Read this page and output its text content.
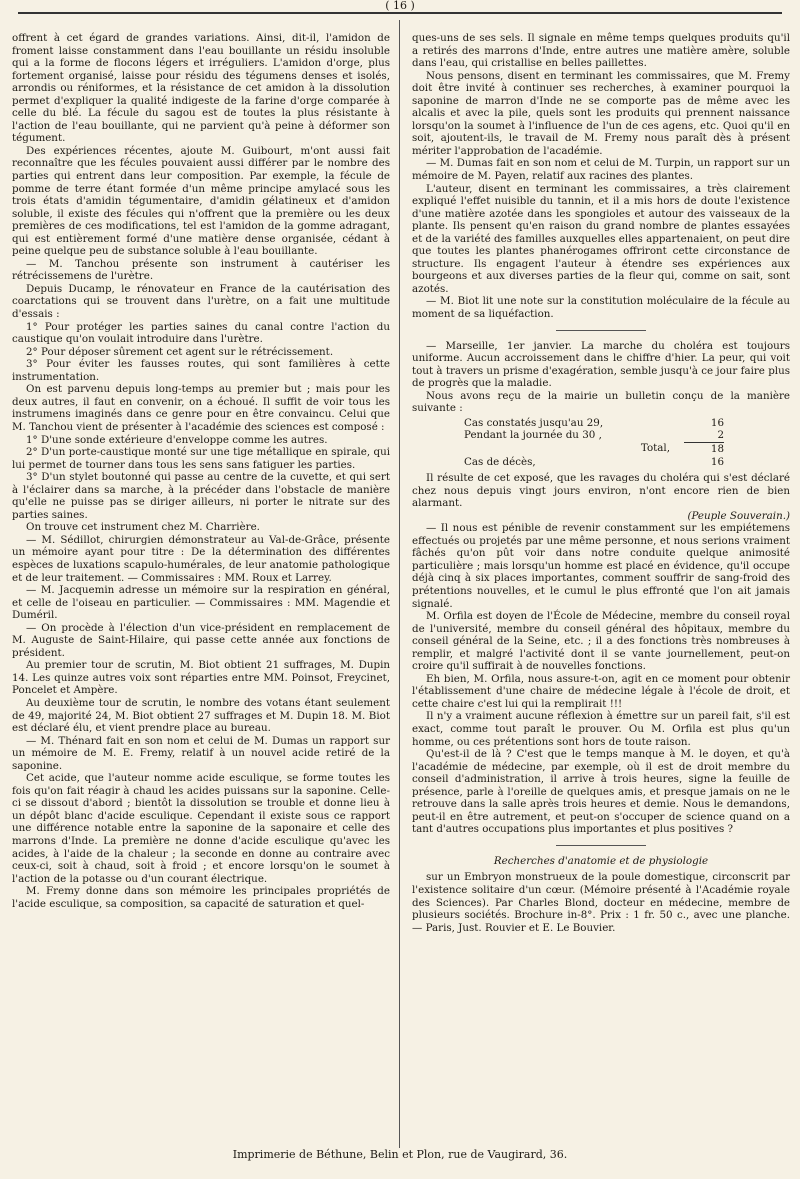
( 16 )

offrent à cet égard de grandes variations. Ainsi, dit-il, l'amidon de froment laisse constamment dans l'eau bouillante un résidu insoluble qui a la forme de flocons légers et irréguliers. L'amidon d'orge, plus fortement organisé, laisse pour résidu des tégumens denses et isolés, arrondis ou réniformes, et la résistance de cet amidon à la dissolution permet d'expliquer la qualité indigeste de la farine d'orge comparée à celle du blé. La fécule du sagou est de toutes la plus résistante à l'action de l'eau bouillante, qui ne parvient qu'à peine à déformer son tégument.

Des expériences récentes, ajoute M. Guibourt, m'ont aussi fait reconnaître que les fécules pouvaient aussi différer par le nombre des parties qui entrent dans leur composition. Par exemple, la fécule de pomme de terre étant formée d'un même principe amylacé sous les trois états d'amidin tégumentaire, d'amidin gélatineux et d'amidon soluble, il existe des fécules qui n'offrent que la première ou les deux premières de ces modifications, tel est l'amidon de la gomme adragant, qui est entièrement formé d'une matière dense organisée, cédant à peine quelque peu de substance soluble à l'eau bouillante.

— M. Tanchou présente son instrument à cautériser les rétrécissemens de l'urètre.

Depuis Ducamp, le rénovateur en France de la cautérisation des coarctations qui se trouvent dans l'urètre, on a fait une multitude d'essais :

1° Pour protéger les parties saines du canal contre l'action du caustique qu'on voulait introduire dans l'urètre.

2° Pour déposer sûrement cet agent sur le rétrécissement.

3° Pour éviter les fausses routes, qui sont familières à cette instrumentation.

On est parvenu depuis long-temps au premier but ; mais pour les deux autres, il faut en convenir, on a échoué. Il suffit de voir tous les instrumens imaginés dans ce genre pour en être convaincu. Celui que M. Tanchou vient de présenter à l'académie des sciences est composé :

1° D'une sonde extérieure d'enveloppe comme les autres.

2° D'un porte-caustique monté sur une tige métallique en spirale, qui lui permet de tourner dans tous les sens sans fatiguer les parties.

3° D'un stylet boutonné qui passe au centre de la cuvette, et qui sert à l'éclairer dans sa marche, à la précéder dans l'obstacle de manière qu'elle ne puisse pas se diriger ailleurs, ni porter le nitrate sur des parties saines.

On trouve cet instrument chez M. Charrière.

— M. Sédillot, chirurgien démonstrateur au Val-de-Grâce, présente un mémoire ayant pour titre : De la détermination des différentes espèces de luxations scapulo-humérales, de leur anatomie pathologique et de leur traitement. — Commissaires : MM. Roux et Larrey.

— M. Jacquemin adresse un mémoire sur la respiration en général, et celle de l'oiseau en particulier. — Commissaires : MM. Magendie et Duméril.

— On procède à l'élection d'un vice-président en remplacement de M. Auguste de Saint-Hilaire, qui passe cette année aux fonctions de président.

Au premier tour de scrutin, M. Biot obtient 21 suffrages, M. Dupin 14. Les quinze autres voix sont réparties entre MM. Poinsot, Freycinet, Poncelet et Ampère.

Au deuxième tour de scrutin, le nombre des votans étant seulement de 49, majorité 24, M. Biot obtient 27 suffrages et M. Dupin 18. M. Biot est déclaré élu, et vient prendre place au bureau.

— M. Thénard fait en son nom et celui de M. Dumas un rapport sur un mémoire de M. E. Fremy, relatif à un nouvel acide retiré de la saponine.

Cet acide, que l'auteur nomme acide esculique, se forme toutes les fois qu'on fait réagir à chaud les acides puissans sur la saponine. Celle-ci se dissout d'abord ; bientôt la dissolution se trouble et donne lieu à un dépôt blanc d'acide esculique. Cependant il existe sous ce rapport une différence notable entre la saponine de la saponaire et celle des marrons d'Inde. La première ne donne d'acide esculique qu'avec les acides, à l'aide de la chaleur ; la seconde en donne au contraire avec ceux-ci, soit à chaud, soit à froid ; et encore lorsqu'on le soumet à l'action de la potasse ou d'un courant électrique.

M. Fremy donne dans son mémoire les principales propriétés de l'acide esculique, sa composition, sa capacité de saturation et quel-

ques-uns de ses sels. Il signale en même temps quelques produits qu'il a retirés des marrons d'Inde, entre autres une matière amère, soluble dans l'eau, qui cristallise en belles paillettes.

Nous pensons, disent en terminant les commissaires, que M. Fremy doit être invité à continuer ses recherches, à examiner pourquoi la saponine de marron d'Inde ne se comporte pas de même avec les alcalis et avec la pile, quels sont les produits qui prennent naissance lorsqu'on la soumet à l'influence de l'un de ces agens, etc. Quoi qu'il en soit, ajoutent-ils, le travail de M. Fremy nous paraît dès à présent mériter l'approbation de l'académie.

— M. Dumas fait en son nom et celui de M. Turpin, un rapport sur un mémoire de M. Payen, relatif aux racines des plantes.

L'auteur, disent en terminant les commissaires, a très clairement expliqué l'effet nuisible du tannin, et il a mis hors de doute l'existence d'une matière azotée dans les spongioles et autour des vaisseaux de la plante. Ils pensent qu'en raison du grand nombre de plantes essayées et de la variété des familles auxquelles elles appartenaient, on peut dire que toutes les plantes phanérogames offriront cette circonstance de structure. Ils engagent l'auteur à étendre ses expériences aux bourgeons et aux diverses parties de la fleur qui, comme on sait, sont azotés.

— M. Biot lit une note sur la constitution moléculaire de la fécule au moment de sa liquéfaction.

— Marseille, 1er janvier. La marche du choléra est toujours uniforme. Aucun accroissement dans le chiffre d'hier. La peur, qui voit tout à travers un prisme d'exagération, semble jusqu'à ce jour faire plus de progrès que la maladie.

Nous avons reçu de la mairie un bulletin conçu de la manière suivante :

Cas constatés jusqu'au 29,	16
Pendant la journée du 30 ,	2
Total,	18
Cas de décès,	16

Il résulte de cet exposé, que les ravages du choléra qui s'est déclaré chez nous depuis vingt jours environ, n'ont encore rien de bien alarmant.

(Peuple Souverain.)

— Il nous est pénible de revenir constamment sur les empiétemens effectués ou projetés par une même personne, et nous serions vraiment fâchés qu'on pût voir dans notre conduite quelque animosité particulière ; mais lorsqu'un homme est placé en évidence, qu'il occupe déjà cinq à six places importantes, comment souffrir de sang-froid des prétentions nouvelles, et le cumul le plus effronté que l'on ait jamais signalé.

M. Orfila est doyen de l'École de Médecine, membre du conseil royal de l'université, membre du conseil général des hôpitaux, membre du conseil général de la Seine, etc. ; il a des fonctions très nombreuses à remplir, et malgré l'activité dont il se vante journellement, peut-on croire qu'il suffirait à de nouvelles fonctions.

Eh bien, M. Orfila, nous assure-t-on, agit en ce moment pour obtenir l'établissement d'une chaire de médecine légale à l'école de droit, et cette chaire c'est lui qui la remplirait !!!

Il n'y a vraiment aucune réflexion à émettre sur un pareil fait, s'il est exact, comme tout paraît le prouver. Ou M. Orfila est plus qu'un homme, ou ces prétentions sont hors de toute raison.

Qu'est-il de là ? C'est que le temps manque à M. le doyen, et qu'à l'académie de médecine, par exemple, où il est de droit membre du conseil d'administration, il arrive à trois heures, signe la feuille de présence, parle à l'oreille de quelques amis, et presque jamais on ne le retrouve dans la salle après trois heures et demie. Nous le demandons, peut-il en être autrement, et peut-on s'occuper de science quand on a tant d'autres occupations plus importantes et plus positives ?

Recherches d'anatomie et de physiologie

sur un Embryon monstrueux de la poule domestique, circonscrit par l'existence solitaire d'un cœur. (Mémoire présenté à l'Académie royale des Sciences). Par Charles Blond, docteur en médecine, membre de plusieurs sociétés. Brochure in-8°. Prix : 1 fr. 50 c., avec une planche. — Paris, Just. Rouvier et E. Le Bouvier.

Imprimerie de Béthune, Belin et Plon, rue de Vaugirard, 36.
